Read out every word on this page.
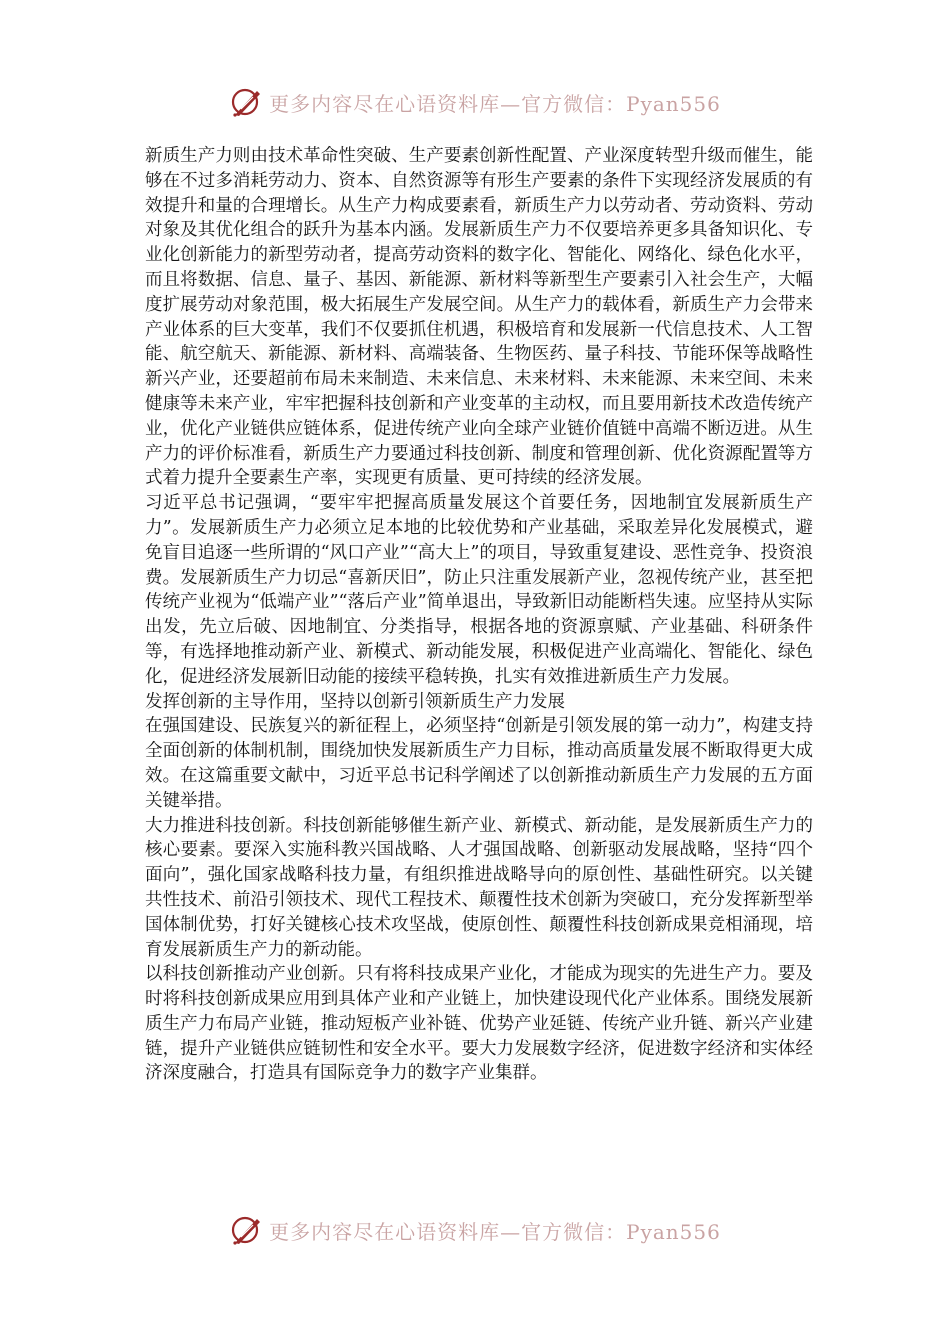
更多内容尽在心语资料库—官方微信：Pyan556

新质生产力则由技术革命性突破、生产要素创新性配置、产业深度转型升级而催生，能够在不过多消耗劳动力、资本、自然资源等有形生产要素的条件下实现经济发展质的有效提升和量的合理增长。从生产力构成要素看，新质生产力以劳动者、劳动资料、劳动对象及其优化组合的跃升为基本内涵。发展新质生产力不仅要培养更多具备知识化、专业化创新能力的新型劳动者，提高劳动资料的数字化、智能化、网络化、绿色化水平，而且将数据、信息、量子、基因、新能源、新材料等新型生产要素引入社会生产，大幅度扩展劳动对象范围，极大拓展生产发展空间。从生产力的载体看，新质生产力会带来产业体系的巨大变革，我们不仅要抓住机遇，积极培育和发展新一代信息技术、人工智能、航空航天、新能源、新材料、高端装备、生物医药、量子科技、节能环保等战略性新兴产业，还要超前布局未来制造、未来信息、未来材料、未来能源、未来空间、未来健康等未来产业，牢牢把握科技创新和产业变革的主动权，而且要用新技术改造传统产业，优化产业链供应链体系，促进传统产业向全球产业链价值链中高端不断迈进。从生产力的评价标准看，新质生产力要通过科技创新、制度和管理创新、优化资源配置等方式着力提升全要素生产率，实现更有质量、更可持续的经济发展。

习近平总书记强调，“要牢牢把握高质量发展这个首要任务，因地制宜发展新质生产力”。发展新质生产力必须立足本地的比较优势和产业基础，采取差异化发展模式，避免盲目追逐一些所谓的“风口产业”“高大上”的项目，导致重复建设、恶性竞争、投资浪费。发展新质生产力切忌“喜新厌旧”，防止只注重发展新产业，忽视传统产业，甚至把传统产业视为“低端产业”“落后产业”简单退出，导致新旧动能断档失速。应坚持从实际出发，先立后破、因地制宜、分类指导，根据各地的资源禀赋、产业基础、科研条件等，有选择地推动新产业、新模式、新动能发展，积极促进产业高端化、智能化、绿色化，促进经济发展新旧动能的接续平稳转换，扎实有效推进新质生产力发展。

发挥创新的主导作用，坚持以创新引领新质生产力发展

在强国建设、民族复兴的新征程上，必须坚持“创新是引领发展的第一动力”，构建支持全面创新的体制机制，围绕加快发展新质生产力目标，推动高质量发展不断取得更大成效。在这篇重要文献中，习近平总书记科学阐述了以创新推动新质生产力发展的五方面关键举措。

大力推进科技创新。科技创新能够催生新产业、新模式、新动能，是发展新质生产力的核心要素。要深入实施科教兴国战略、人才强国战略、创新驱动发展战略，坚持“四个面向”，强化国家战略科技力量，有组织推进战略导向的原创性、基础性研究。以关键共性技术、前沿引领技术、现代工程技术、颠覆性技术创新为突破口，充分发挥新型举国体制优势，打好关键核心技术攻坚战，使原创性、颠覆性科技创新成果竞相涌现，培育发展新质生产力的新动能。

以科技创新推动产业创新。只有将科技成果产业化，才能成为现实的先进生产力。要及时将科技创新成果应用到具体产业和产业链上，加快建设现代化产业体系。围绕发展新质生产力布局产业链，推动短板产业补链、优势产业延链、传统产业升链、新兴产业建链，提升产业链供应链韧性和安全水平。要大力发展数字经济，促进数字经济和实体经济深度融合，打造具有国际竞争力的数字产业集群。

更多内容尽在心语资料库—官方微信：Pyan556
